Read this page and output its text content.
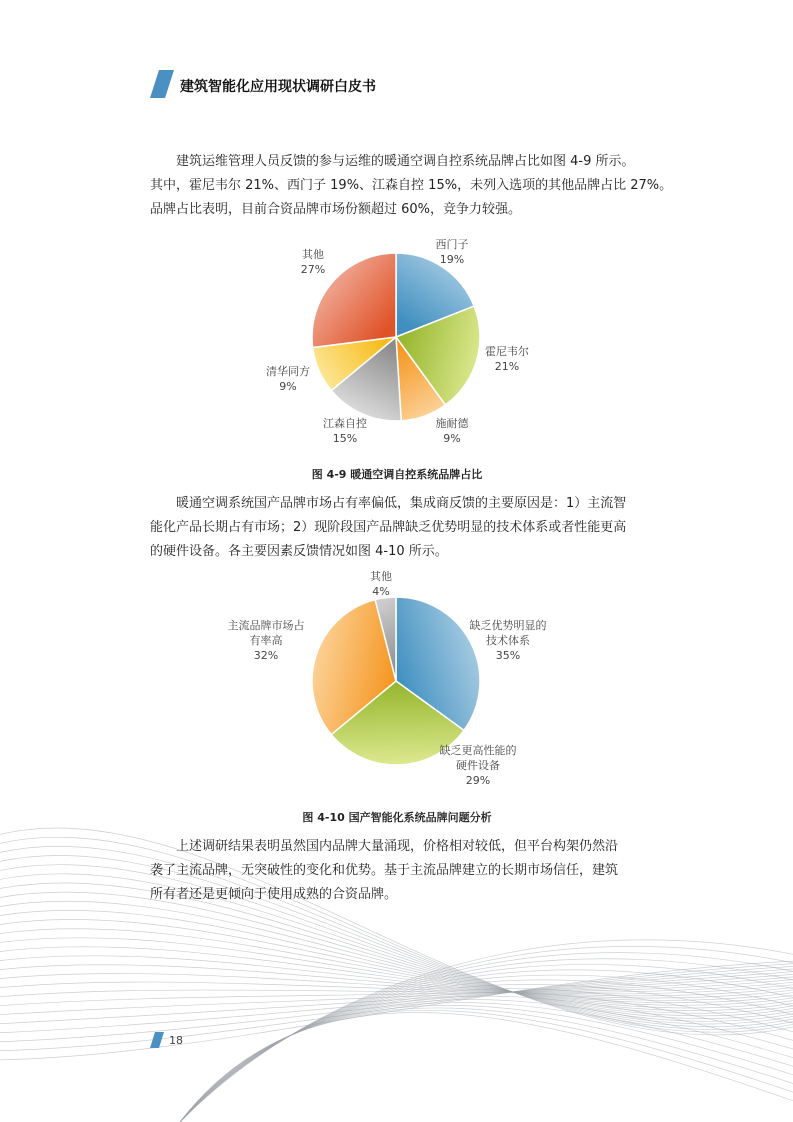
建筑智能化应用现状调研白皮书
　　建筑运维管理人员反馈的参与运维的暖通空调自控系统品牌占比如图 4-9 所示。
其中，霍尼韦尔 21%、西门子 19%、江森自控 15%，未列入选项的其他品牌占比 27%。
品牌占比表明，目前合资品牌市场份额超过 60%，竞争力较强。
西门子
19%
霍尼韦尔
21%
施耐德
9%
江森自控
15%
清华同方
9%
其他
27%
图 4-9 暖通空调自控系统品牌占比
　　暖通空调系统国产品牌市场占有率偏低，集成商反馈的主要原因是：1）主流智
能化产品长期占有市场；2）现阶段国产品牌缺乏优势明显的技术体系或者性能更高
的硬件设备。各主要因素反馈情况如图 4-10 所示。
缺乏优势明显的
技术体系
35%
缺乏更高性能的
硬件设备
29%
主流品牌市场占
有率高
32%
其他
4%
图 4-10 国产智能化系统品牌问题分析
　　上述调研结果表明虽然国内品牌大量涌现，价格相对较低，但平台构架仍然沿
袭了主流品牌，无突破性的变化和优势。基于主流品牌建立的长期市场信任，建筑
所有者还是更倾向于使用成熟的合资品牌。
18
